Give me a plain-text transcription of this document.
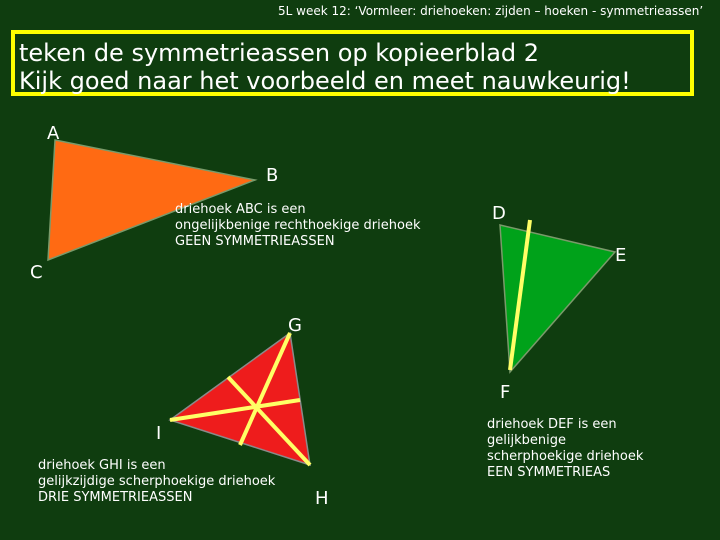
5L week 12: ‘Vormleer: driehoeken: zijden – hoeken - symmetrieassen’
teken de symmetrieassen op kopieerblad 2
Kijk goed naar het voorbeeld en meet nauwkeurig!
A
B
C
D
E
F
G
H
I
driehoek ABC is een
ongelijkbenige rechthoekige driehoek
GEEN SYMMETRIEASSEN
driehoek DEF is een
gelijkbenige
scherphoekige driehoek
EEN SYMMETRIEAS
driehoek GHI is een
gelijkzijdige scherphoekige driehoek
DRIE SYMMETRIEASSEN
